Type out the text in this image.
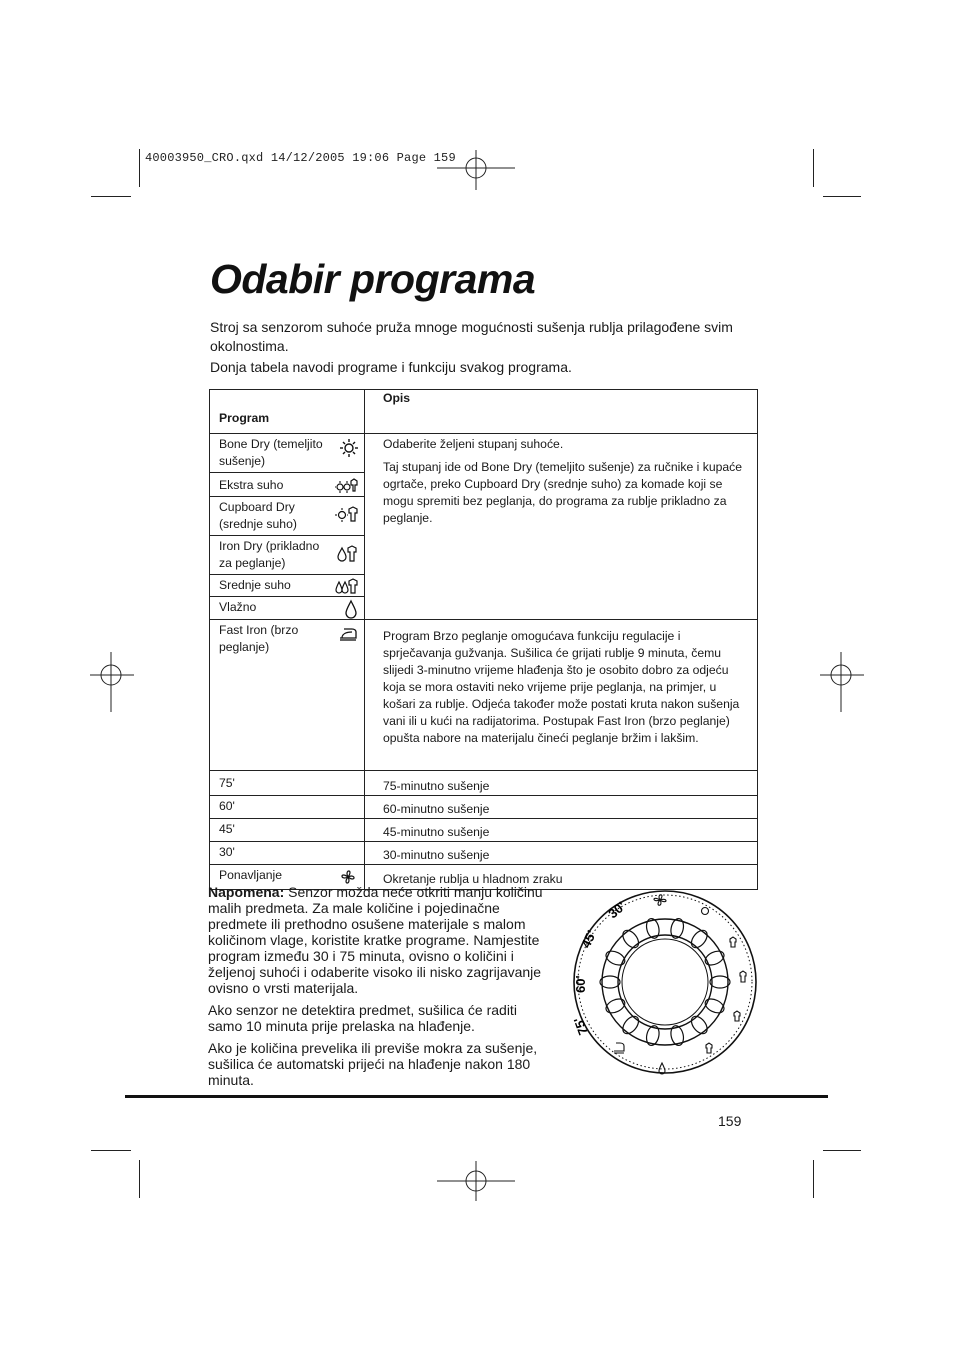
40003950_CRO.qxd 14/12/2005 19:06 Page 159
Odabir programa
Stroj sa senzorom suhoće pruža mnoge mogućnosti sušenja rublja prilagođene svim okolnostima.
Donja tabela navodi programe i funkciju svakog programa.
Program	Opis

Bone Dry (temeljito sušenje)	Odaberite željeni stupanj suhoće.

Taj stupanj ide od Bone Dry (temeljito sušenje) za ručnike i kupaće ogrtače, preko Cupboard Dry (srednje suho) za komade koji se mogu spremiti bez peglanja, do programa za rublje prikladno za peglanje.

Ekstra suho	

Cupboard Dry (srednje suho)	

Iron Dry (prikladno za peglanje)	

Srednje suho	

Vlažno	

Fast Iron (brzo peglanje)	Program Brzo peglanje omogućava funkciju regulacije i sprječavanja gužvanja. Sušilica će grijati rublje 9 minuta, čemu slijedi 3-minutno vrijeme hlađenja što je osobito dobro za odjeću koja se mora ostaviti neko vrijeme prije peglanja, na primjer, u košari za rublje. Odjeća također može postati kruta nakon sušenja vani ili u kući na radijatorima. Postupak Fast Iron (brzo peglanje) opušta nabore na materijalu čineći peglanje bržim i lakšim.

75'	75-minutno sušenje

60'	60-minutno sušenje

45'	45-minutno sušenje

30'	30-minutno sušenje

Ponavljanje	Okretanje rublja u hladnom zraku

Napomena: Senzor možda neće otkriti manju količinu malih predmeta. Za male količine i pojedinačne predmete ili prethodno osušene materijale s malom količinom vlage, koristite kratke programe. Namjestite program između 30 i 75 minuta, ovisno o količini i željenoj suhoći i odaberite visoko ili nisko zagrijavanje ovisno o vrsti materijala.

Ako senzor ne detektira predmet, sušilica će raditi samo 10 minuta prije prelaska na hlađenje.

Ako je količina prevelika ili previše mokra za sušenje, sušilica će automatski prijeći na hlađenje nakon 180 minuta.

30'
45'
60'
75'
159
